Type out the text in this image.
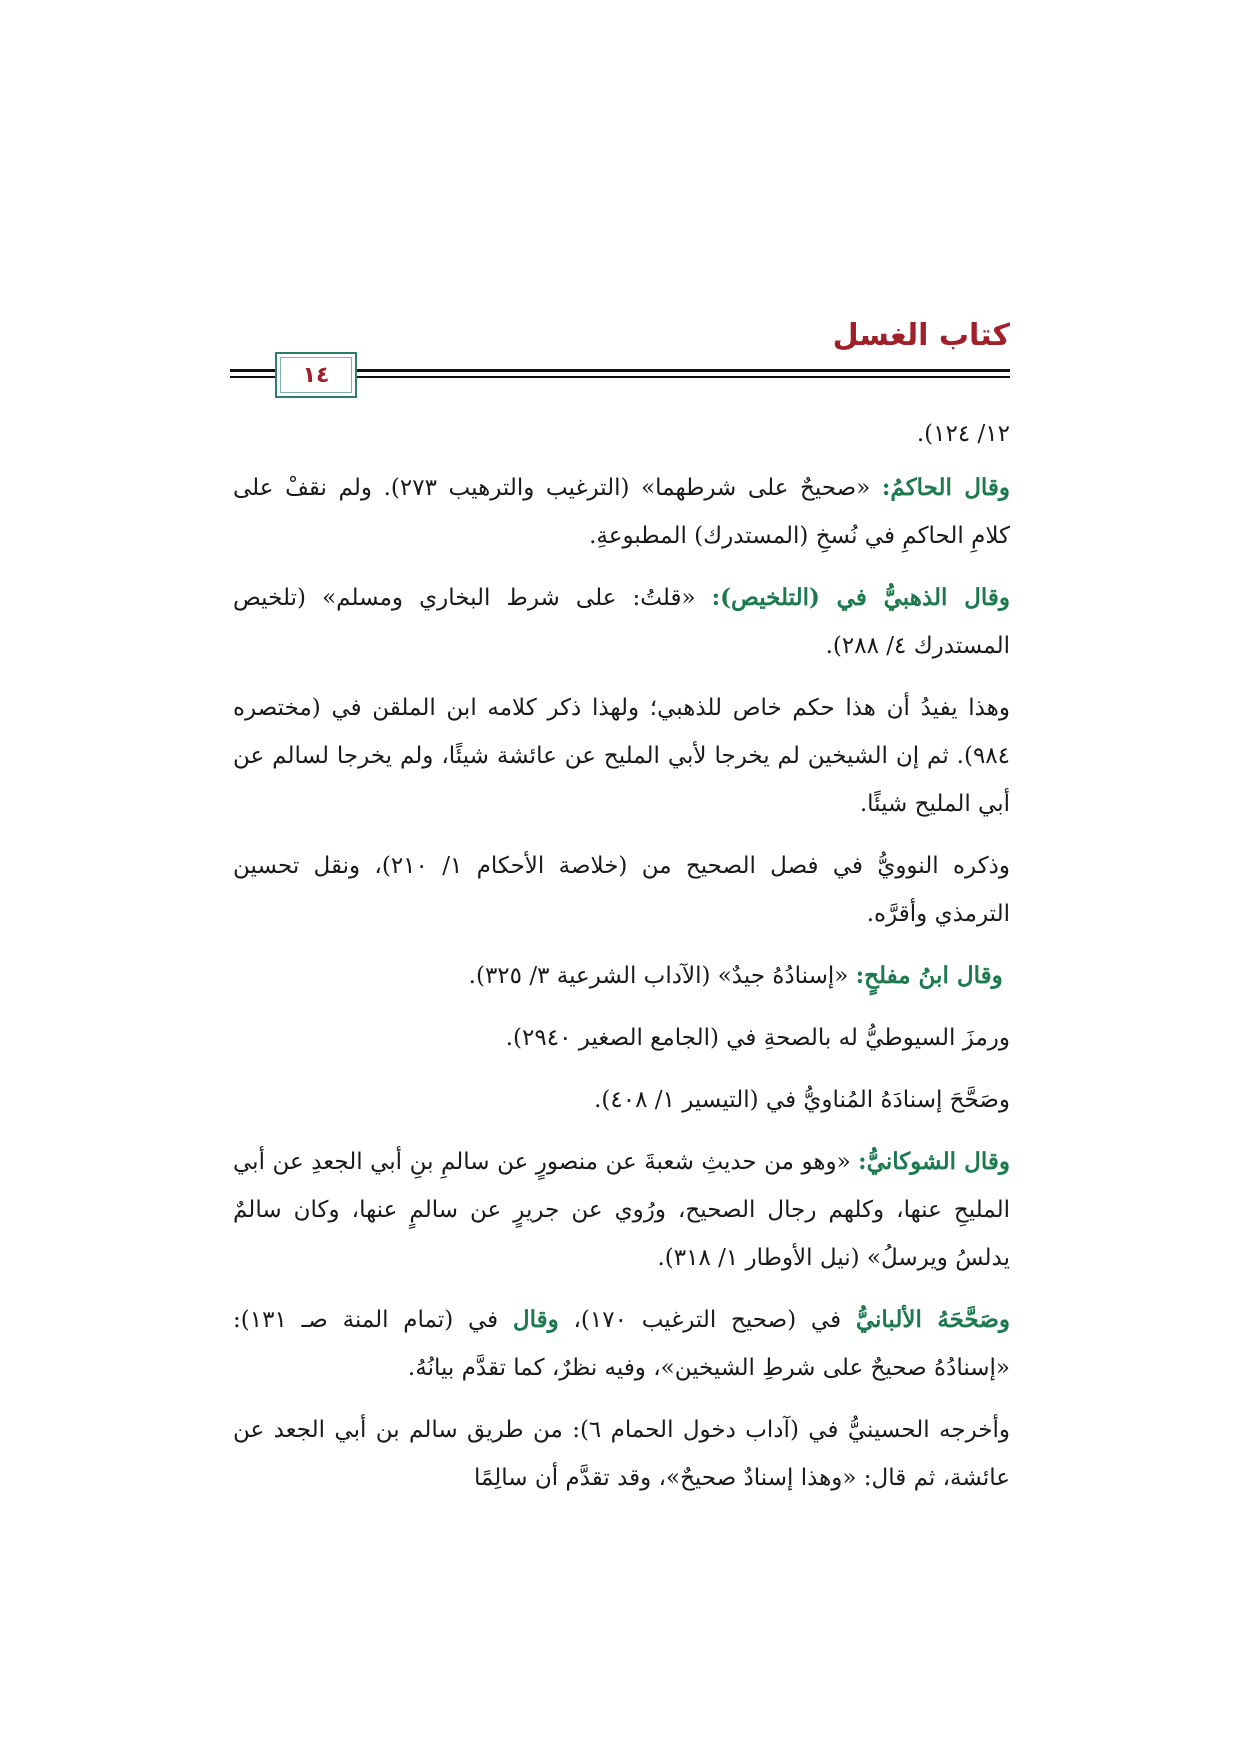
كتاب الغسل
١٤

١٢/ ١٢٤).

وقال الحاكمُ: «صحيحٌ على شرطهما» (الترغيب والترهيب ٢٧٣). ولم نقفْ على كلامِ الحاكمِ في نُسخِ (المستدرك) المطبوعةِ.

وقال الذهبيُّ في (التلخيص): «قلتُ: على شرط البخاري ومسلم» (تلخيص المستدرك ٤/ ٢٨٨).

وهذا يفيدُ أن هذا حكم خاص للذهبي؛ ولهذا ذكر كلامه ابن الملقن في (مختصره ٩٨٤). ثم إن الشيخين لم يخرجا لأبي المليح عن عائشة شيئًا، ولم يخرجا لسالم عن أبي المليح شيئًا.

وذكره النوويُّ في فصل الصحيح من (خلاصة الأحكام ١/ ٢١٠)، ونقل تحسين الترمذي وأقرَّه.

وقال ابنُ مفلحٍ: «إسنادُهُ جيدٌ» (الآداب الشرعية ٣/ ٣٢٥).

ورمزَ السيوطيُّ له بالصحةِ في (الجامع الصغير ٢٩٤٠).

وصَحَّحَ إسنادَهُ المُناويُّ في (التيسير ١/ ٤٠٨).

وقال الشوكانيُّ: «وهو من حديثِ شعبةَ عن منصورٍ عن سالمِ بنِ أبي الجعدِ عن أبي المليحِ عنها، وكلهم رجال الصحيح، ورُوي عن جريرٍ عن سالمٍ عنها، وكان سالمٌ يدلسُ ويرسلُ» (نيل الأوطار ١/ ٣١٨).

وصَحَّحَهُ الألبانيُّ في (صحيح الترغيب ١٧٠)، وقال في (تمام المنة صـ ١٣١): «إسنادُهُ صحيحٌ على شرطِ الشيخين»، وفيه نظرٌ، كما تقدَّم بيانُهُ.

وأخرجه الحسينيُّ في (آداب دخول الحمام ٦): من طريق سالم بن أبي الجعد عن عائشة، ثم قال: «وهذا إسنادٌ صحيحٌ»، وقد تقدَّم أن سالِمًا
